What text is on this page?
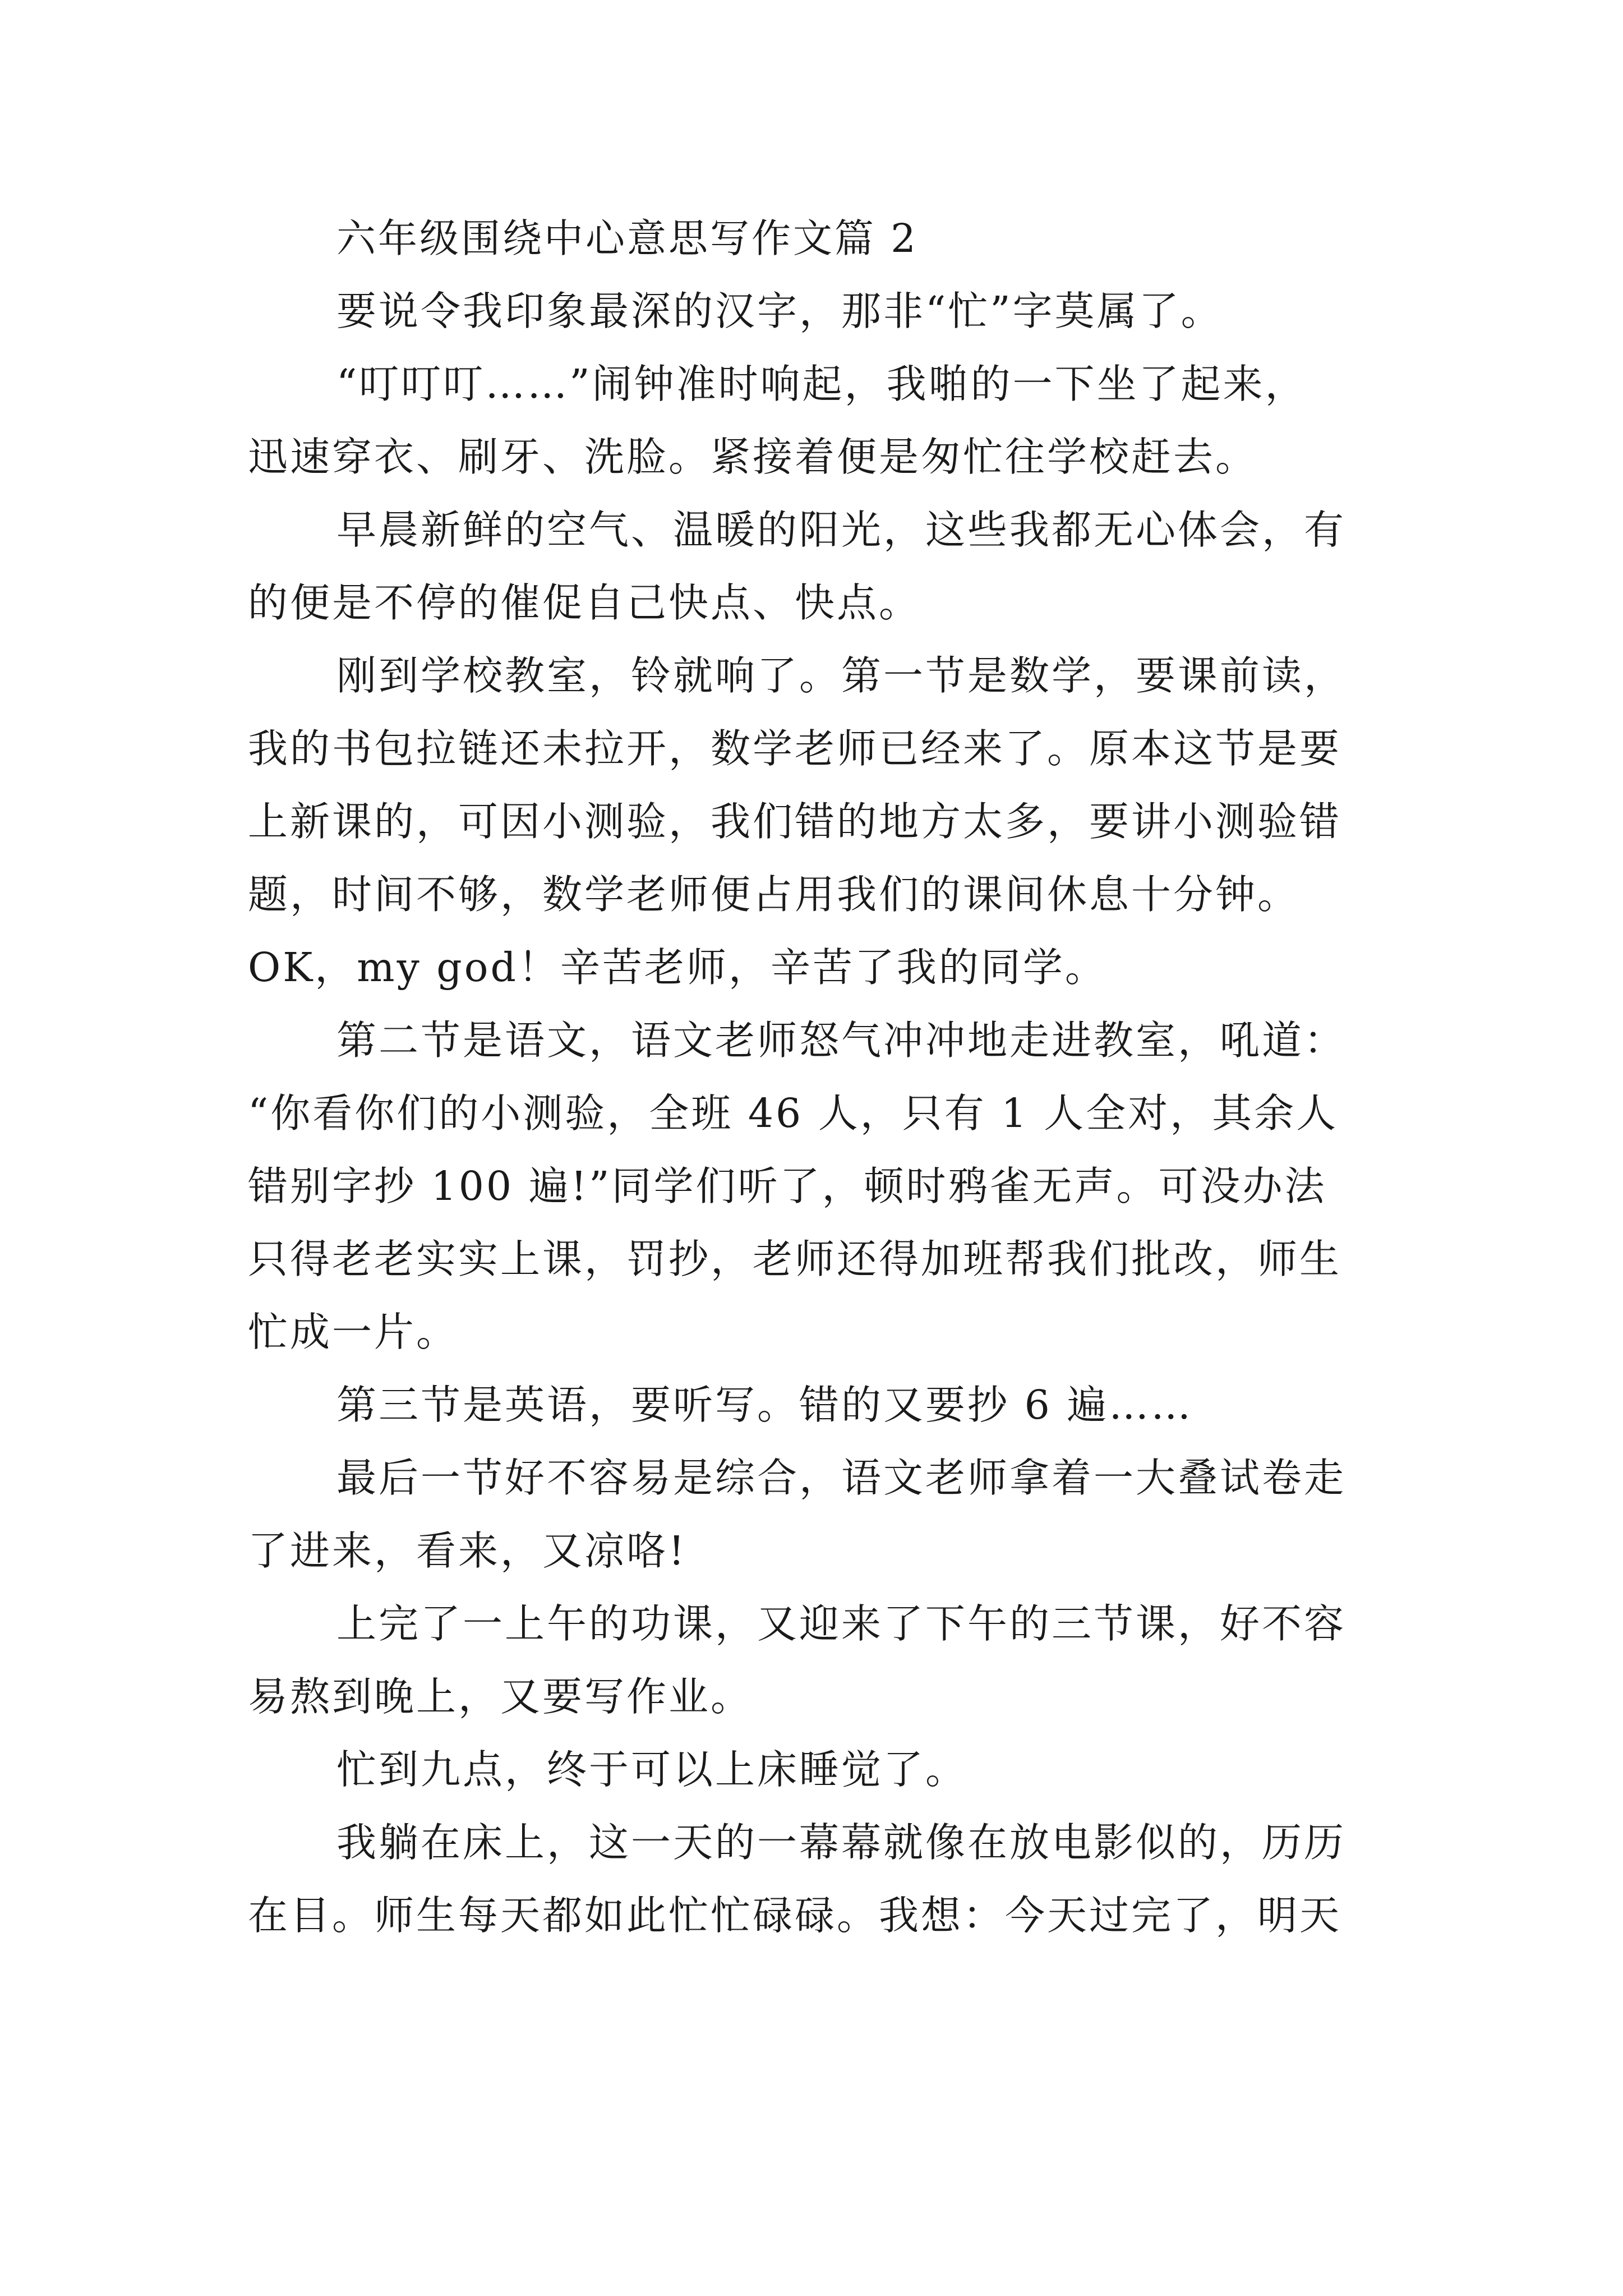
六年级围绕中心意思写作文篇 2
要说令我印象最深的汉字，那非“忙”字莫属了。
“叮叮叮……”闹钟准时响起，我啪的一下坐了起来，
迅速穿衣、刷牙、洗脸。紧接着便是匆忙往学校赶去。
早晨新鲜的空气、温暖的阳光，这些我都无心体会，有
的便是不停的催促自己快点、快点。
刚到学校教室，铃就响了。第一节是数学，要课前读，
我的书包拉链还未拉开，数学老师已经来了。原本这节是要
上新课的，可因小测验，我们错的地方太多，要讲小测验错
题，时间不够，数学老师便占用我们的课间休息十分钟。
OK，my god！辛苦老师，辛苦了我的同学。
第二节是语文，语文老师怒气冲冲地走进教室，吼道：
“你看你们的小测验，全班 46 人，只有 1 人全对，其余人
错别字抄 100 遍!”同学们听了，顿时鸦雀无声。可没办法
只得老老实实上课，罚抄，老师还得加班帮我们批改，师生
忙成一片。
第三节是英语，要听写。错的又要抄 6 遍……
最后一节好不容易是综合，语文老师拿着一大叠试卷走
了进来，看来，又凉咯!
上完了一上午的功课，又迎来了下午的三节课，好不容
易熬到晚上，又要写作业。
忙到九点，终于可以上床睡觉了。
我躺在床上，这一天的一幕幕就像在放电影似的，历历
在目。师生每天都如此忙忙碌碌。我想：今天过完了，明天
